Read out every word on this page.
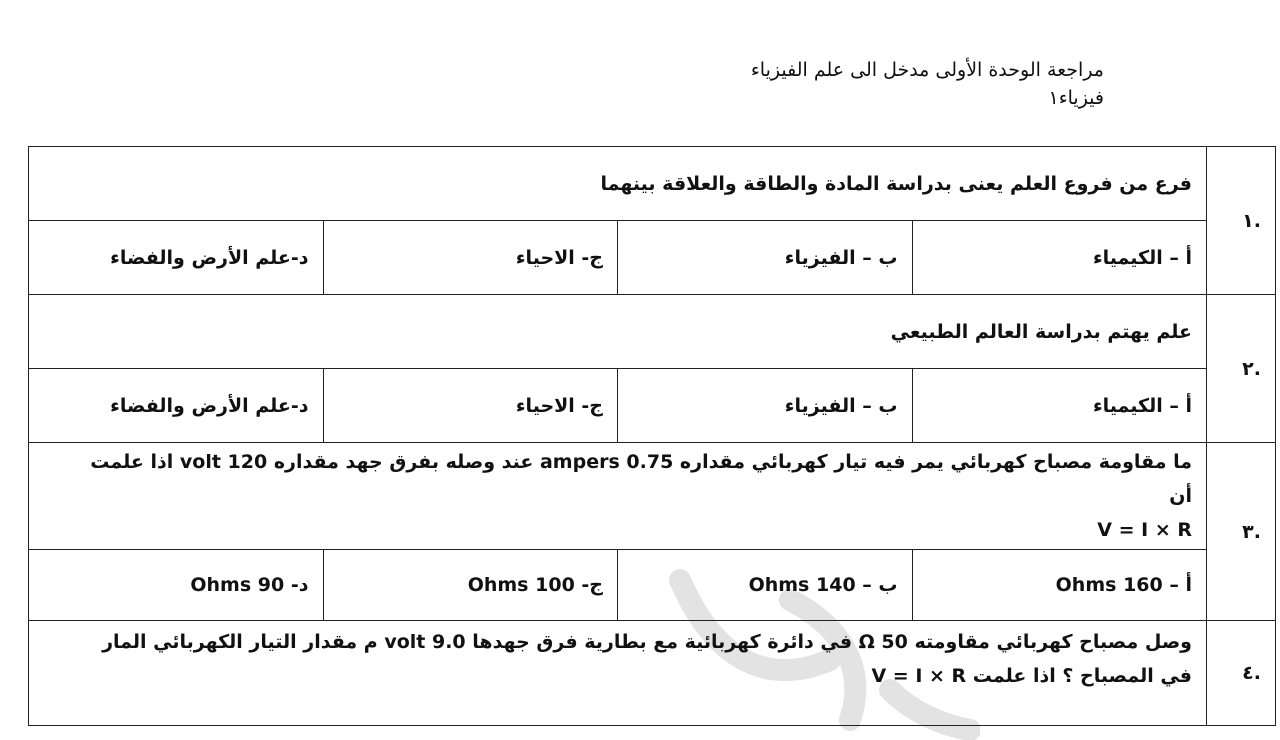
مراجعة الوحدة الأولى مدخل الى علم الفيزياء
فيزياء١
.١	فرع من فروع العلم يعنى بدراسة المادة والطاقة والعلاقة بينهما			
	أ – الكيمياء	ب – الفيزياء	ج- الاحياء	د-علم الأرض والفضاء
.٢	علم يهتم بدراسة العالم الطبيعي			
	أ – الكيمياء	ب – الفيزياء	ج- الاحياء	د-علم الأرض والفضاء
.٣	ما مقاومة مصباح كهربائي يمر فيه تيار كهربائي مقداره 0.75 ampers عند وصله بفرق جهد مقداره 120 volt اذا علمت
أن
V = I × R			

	أ – 160 Ohms	ب – 140 Ohms	ج- 100 Ohms	د- 90 Ohms
.٤	وصل مصباح كهربائي مقاومته Ω 50 في دائرة كهربائية مع بطارية فرق جهدها 9.0 volt م مقدار التيار الكهربائي المار
في المصباح ؟ اذا علمت V = I × R			
